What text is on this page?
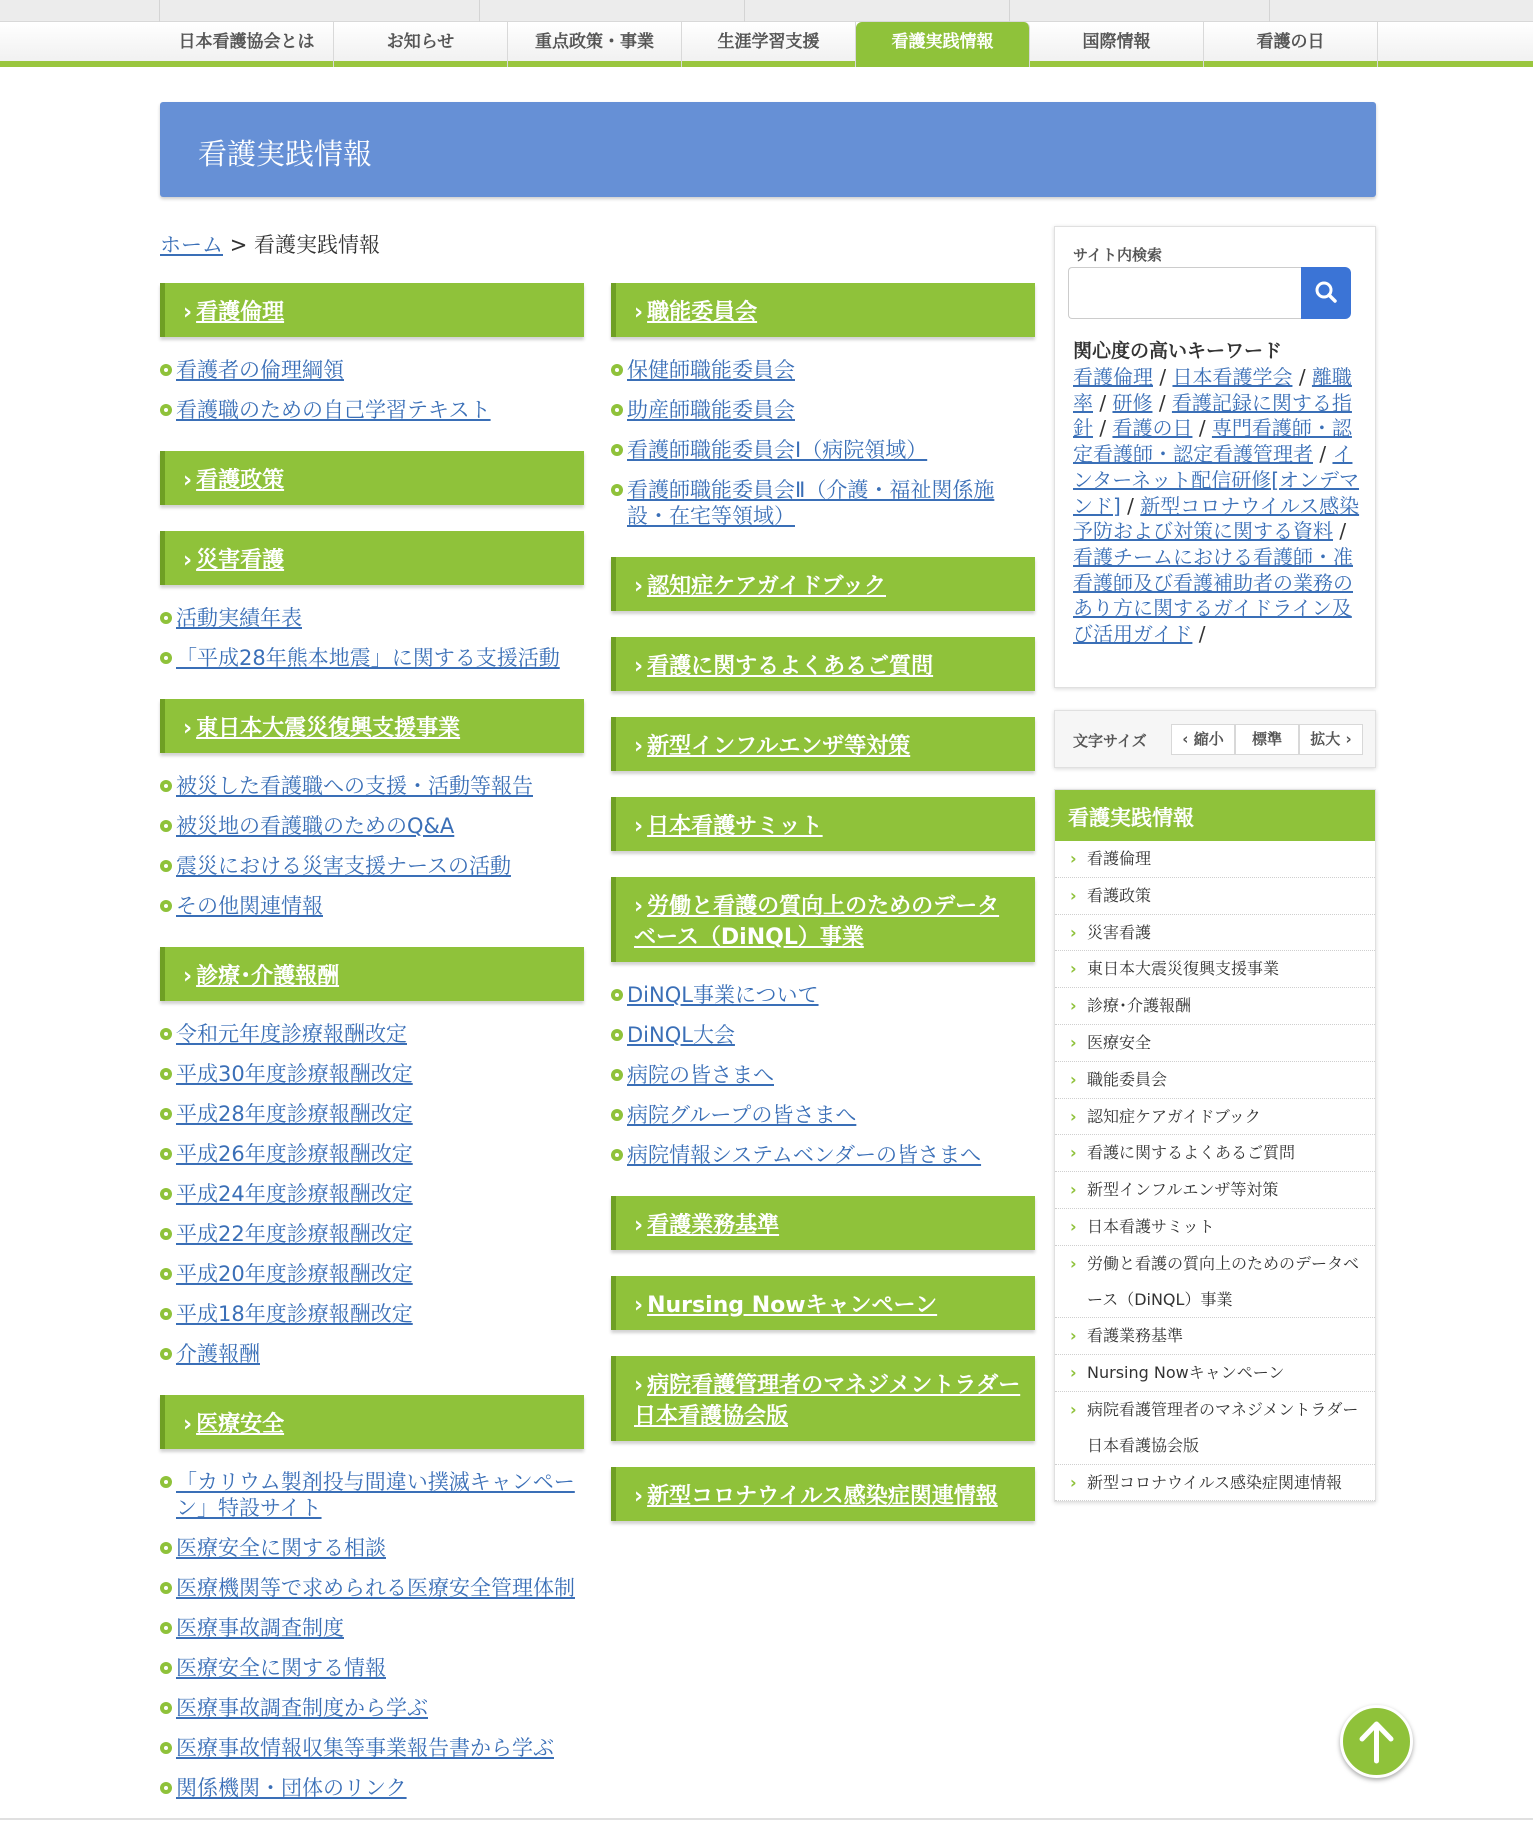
日本看護協会とは	お知らせ	重点政策・事業	生涯学習支援	看護実践情報	国際情報	看護の日
看護実践情報
ホーム > 看護実践情報
› 看護倫理
看護者の倫理綱領
看護職のための自己学習テキスト
› 看護政策
› 災害看護
活動実績年表
「平成28年熊本地震」に関する支援活動
› 東日本大震災復興支援事業
被災した看護職への支援・活動等報告
被災地の看護職のためのQ&A
震災における災害支援ナースの活動
その他関連情報
› 診療･介護報酬
令和元年度診療報酬改定
平成30年度診療報酬改定
平成28年度診療報酬改定
平成26年度診療報酬改定
平成24年度診療報酬改定
平成22年度診療報酬改定
平成20年度診療報酬改定
平成18年度診療報酬改定
介護報酬
› 医療安全
「カリウム製剤投与間違い撲滅キャンペーン」特設サイト
医療安全に関する相談
医療機関等で求められる医療安全管理体制
医療事故調査制度
医療安全に関する情報
医療事故調査制度から学ぶ
医療事故情報収集等事業報告書から学ぶ
関係機関・団体のリンク
› 職能委員会
保健師職能委員会
助産師職能委員会
看護師職能委員会Ⅰ（病院領域）
看護師職能委員会Ⅱ（介護・福祉関係施設・在宅等領域）
› 認知症ケアガイドブック
› 看護に関するよくあるご質問
› 新型インフルエンザ等対策
› 日本看護サミット
› 労働と看護の質向上のためのデータベース（DiNQL）事業
DiNQL事業について
DiNQL大会
病院の皆さまへ
病院グループの皆さまへ
病院情報システムベンダーの皆さまへ
› 看護業務基準
› Nursing Nowキャンペーン
› 病院看護管理者のマネジメントラダー日本看護協会版
› 新型コロナウイルス感染症関連情報
サイト内検索
関心度の高いキーワード
看護倫理 / 日本看護学会 / 離職率 / 研修 / 看護記録に関する指針 / 看護の日 / 専門看護師・認定看護師・認定看護管理者 / インターネット配信研修[オンデマンド] / 新型コロナウイルス感染予防および対策に関する資料 / 看護チームにおける看護師・准看護師及び看護補助者の業務のあり方に関するガイドライン及び活用ガイド /
文字サイズ	‹ 縮小	標準	拡大 ›
看護実践情報
› 看護倫理
› 看護政策
› 災害看護
› 東日本大震災復興支援事業
› 診療･介護報酬
› 医療安全
› 職能委員会
› 認知症ケアガイドブック
› 看護に関するよくあるご質問
› 新型インフルエンザ等対策
› 日本看護サミット
› 労働と看護の質向上のためのデータベース（DiNQL）事業
› 看護業務基準
› Nursing Nowキャンペーン
› 病院看護管理者のマネジメントラダー日本看護協会版
› 新型コロナウイルス感染症関連情報
